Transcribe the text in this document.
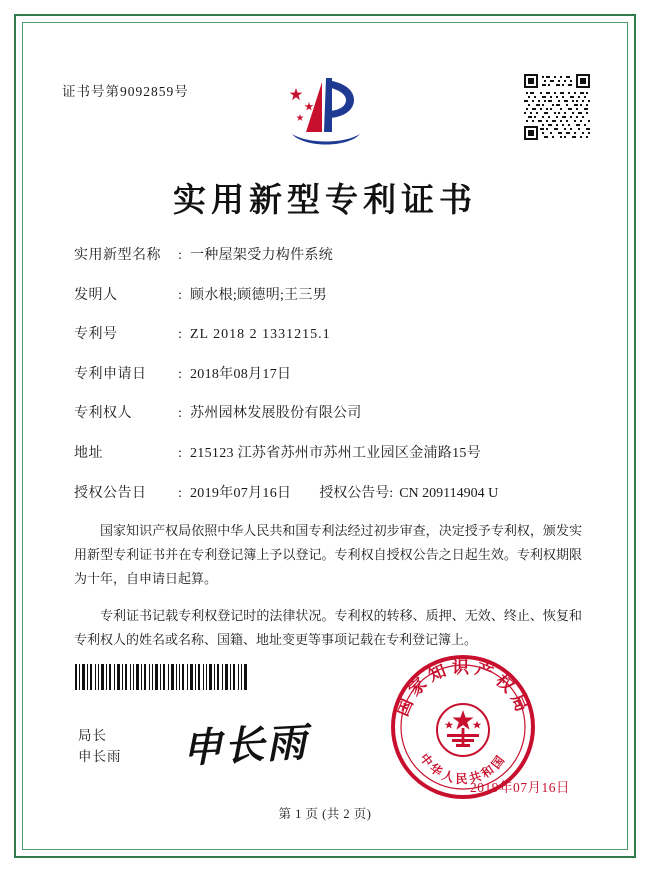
证书号第9092859号
实用新型专利证书
实用新型名称	: 一种屋架受力构件系统
发明人	: 顾水根;顾德明;王三男
专利号	: ZL 2018 2 1331215.1
专利申请日	: 2018年08月17日
专利权人	: 苏州园林发展股份有限公司
地址	: 215123 江苏省苏州市苏州工业园区金浦路15号
授权公告日	: 2019年07月16日 授权公告号: CN 209114904 U

国家知识产权局依照中华人民共和国专利法经过初步审查，决定授予专利权，颁发实用新型专利证书并在专利登记簿上予以登记。专利权自授权公告之日起生效。专利权期限为十年，自申请日起算。

专利证书记载专利权登记时的法律状况。专利权的转移、质押、无效、终止、恢复和专利权人的姓名或名称、国籍、地址变更等事项记载在专利登记簿上。

局长
申长雨 申长雨
国家知识产权局
中华人民共和国
2019年07月16日
第 1 页 (共 2 页)
